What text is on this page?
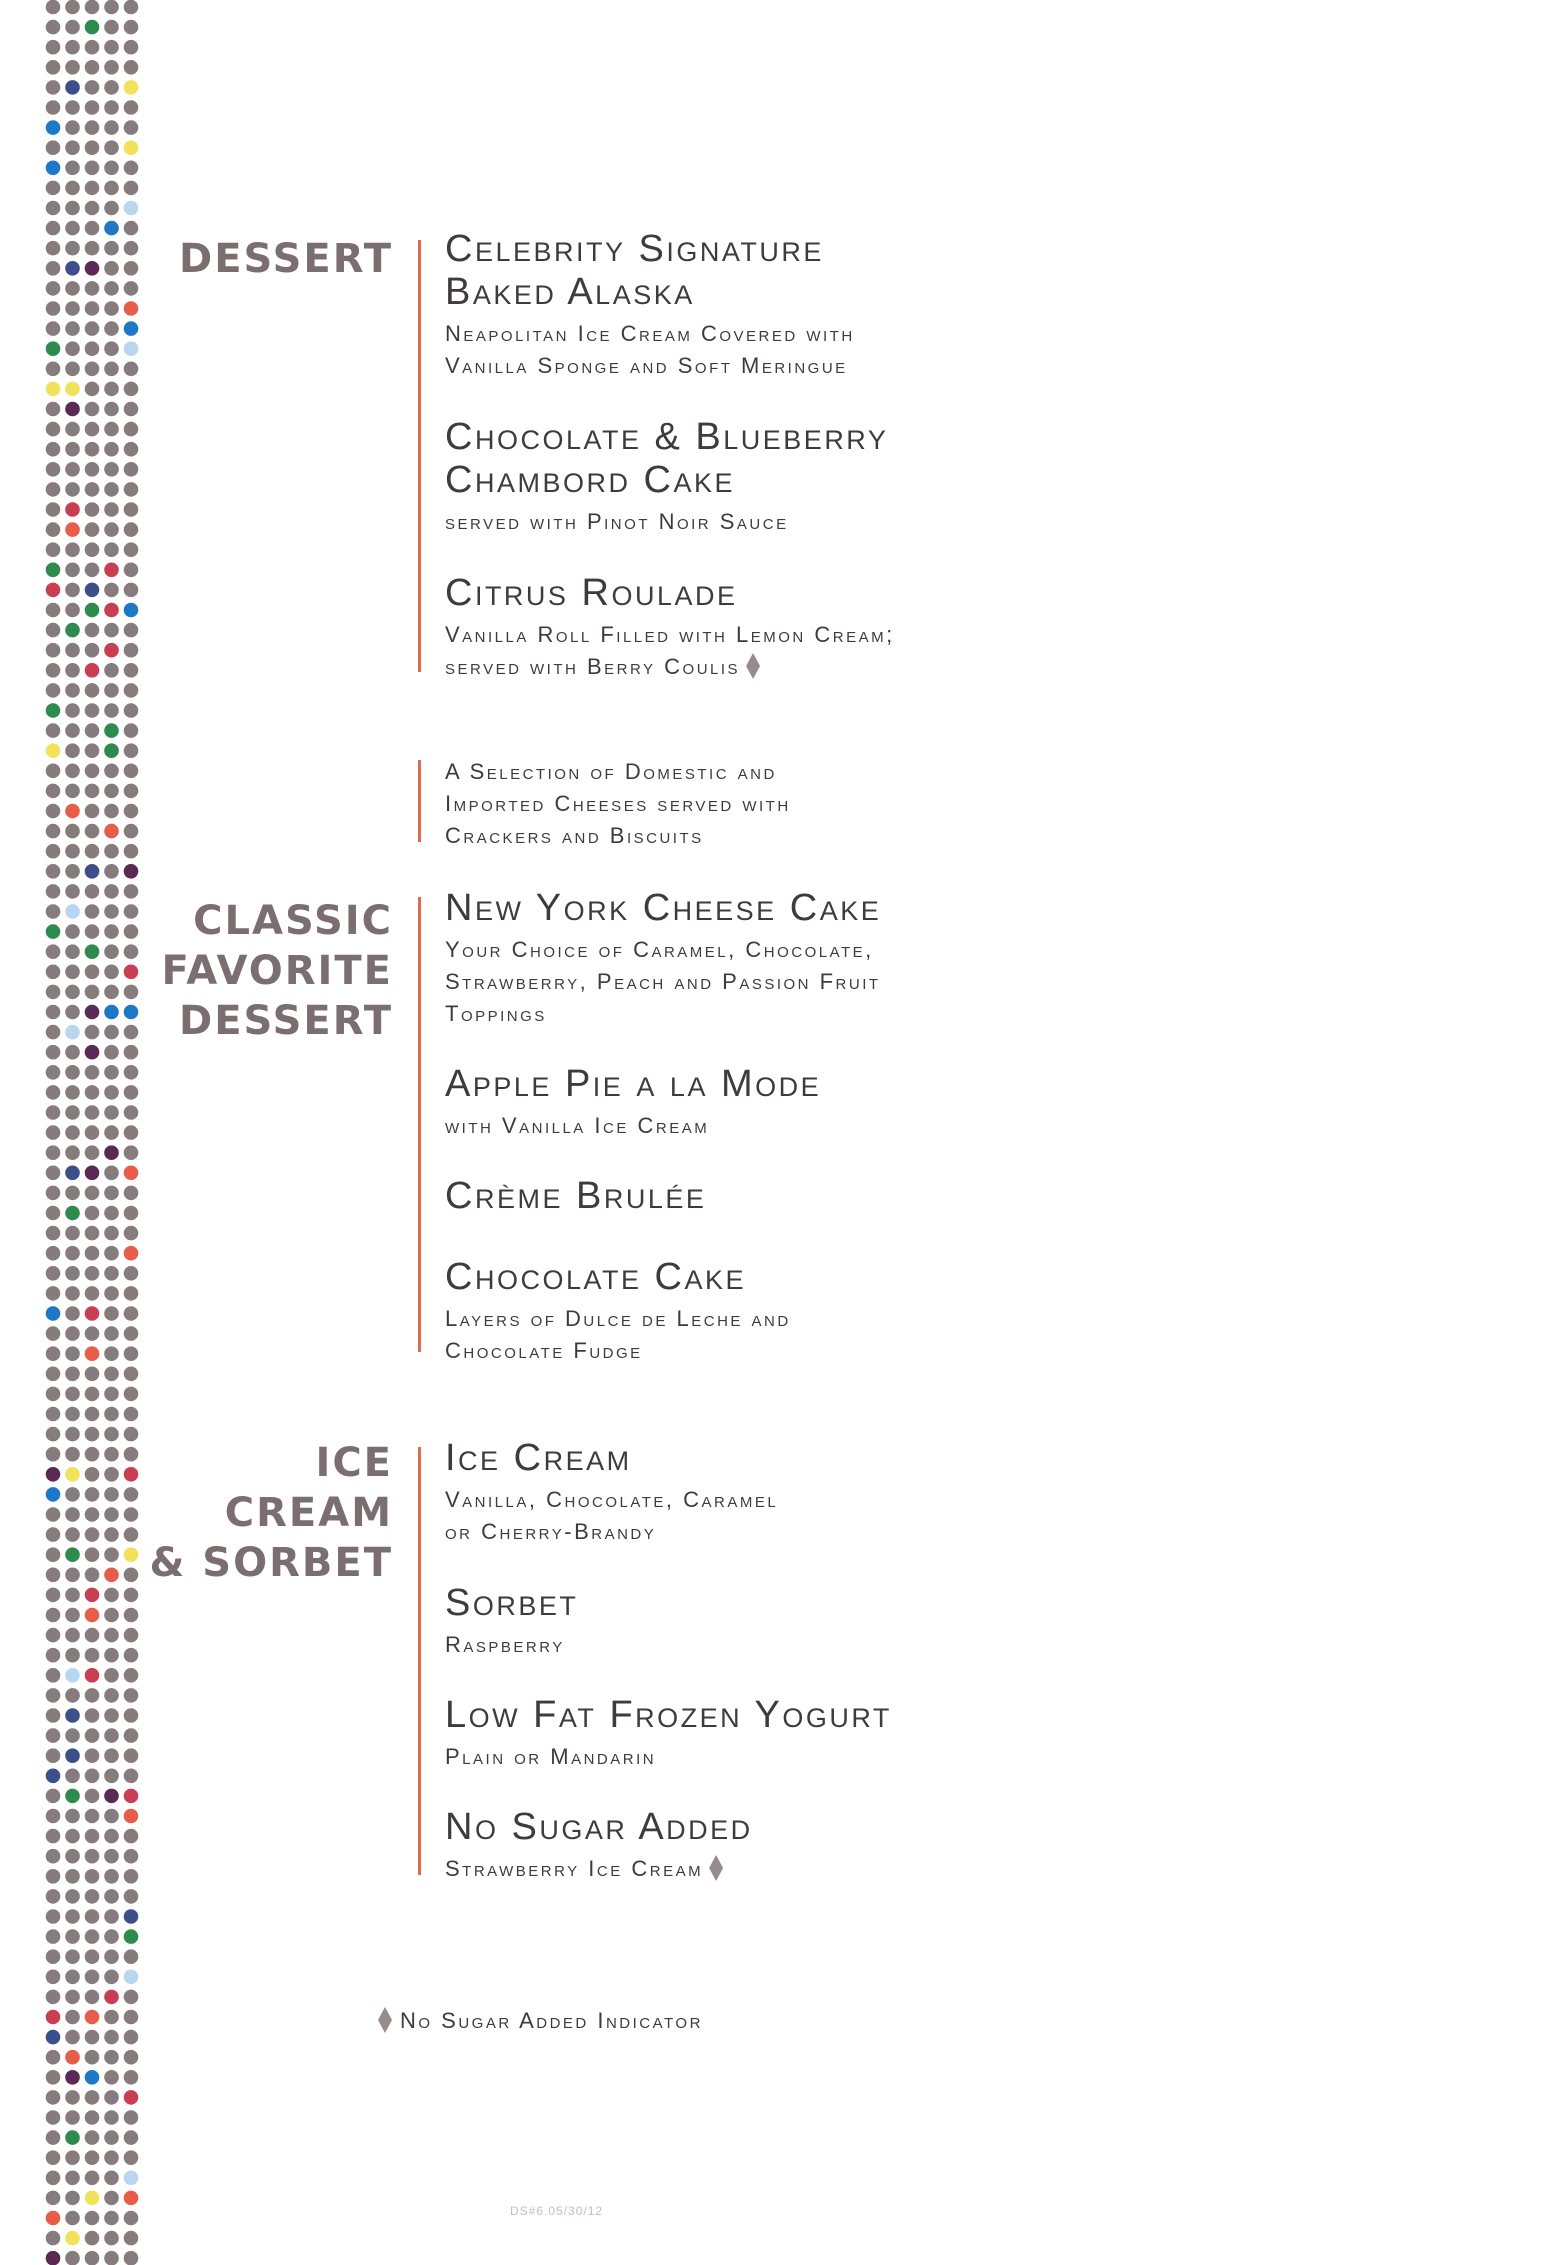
DESSERT Celebrity Signature
Baked Alaska
Neapolitan Ice Cream Covered with
Vanilla Sponge and Soft Meringue
Chocolate & Blueberry
Chambord Cake
served with Pinot Noir Sauce
Citrus Roulade
Vanilla Roll Filled with Lemon Cream;
served with Berry Coulis
A Selection of Domestic and
Imported Cheeses served with
Crackers and Biscuits
CLASSIC
FAVORITE
DESSERT
New York Cheese Cake
Your Choice of Caramel, Chocolate,
Strawberry, Peach and Passion Fruit
Toppings
Apple Pie a la Mode
with Vanilla Ice Cream
Crème Brulée
Chocolate Cake
Layers of Dulce de Leche and
Chocolate Fudge
ICE
CREAM
& SORBET
Ice Cream
Vanilla, Chocolate, Caramel
or Cherry-Brandy
Sorbet
Raspberry
Low Fat Frozen Yogurt
Plain or Mandarin
No Sugar Added
Strawberry Ice Cream
No Sugar Added Indicator
DS#6.05/30/12
